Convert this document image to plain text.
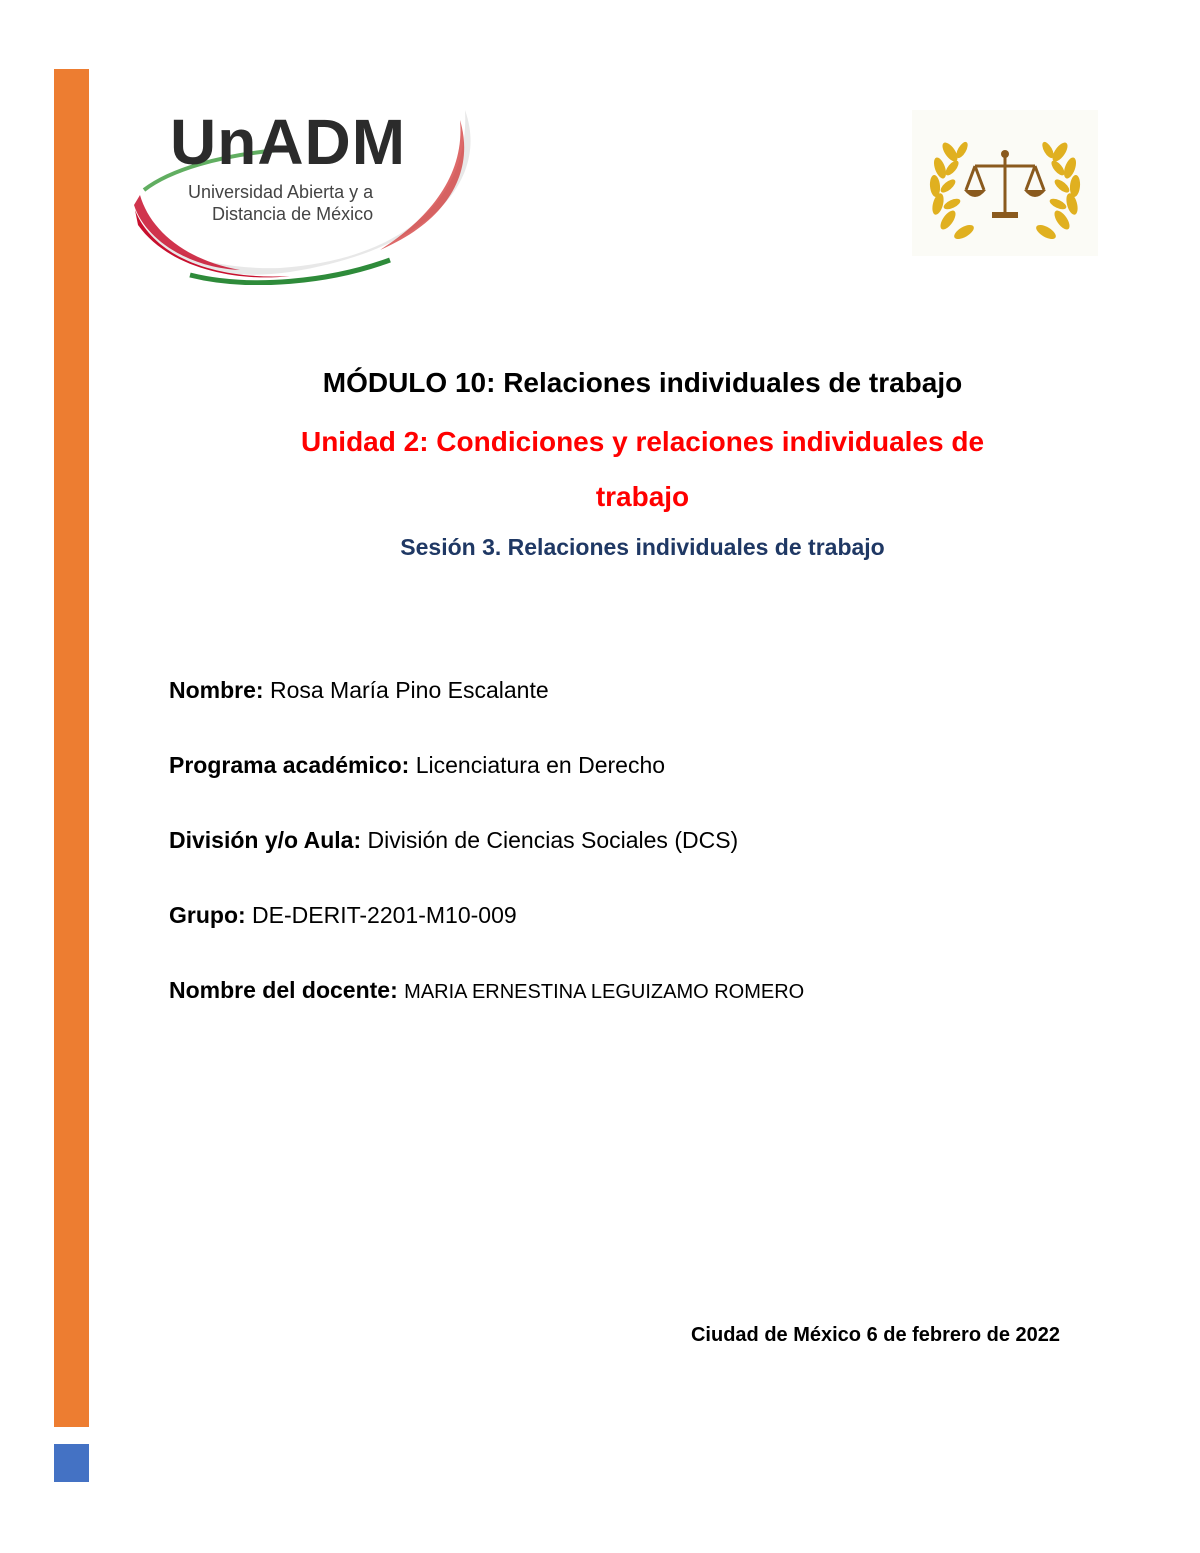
UnADM
Universidad Abierta y a
Distancia de México
MÓDULO 10: Relaciones individuales de trabajo
Unidad 2: Condiciones y relaciones individuales de trabajo
Sesión 3. Relaciones individuales de trabajo
Nombre: Rosa María Pino Escalante
Programa académico: Licenciatura en Derecho
División y/o Aula: División de Ciencias Sociales (DCS)
Grupo: DE-DERIT-2201-M10-009
Nombre del docente: MARIA ERNESTINA LEGUIZAMO ROMERO
Ciudad de México 6 de febrero de 2022
